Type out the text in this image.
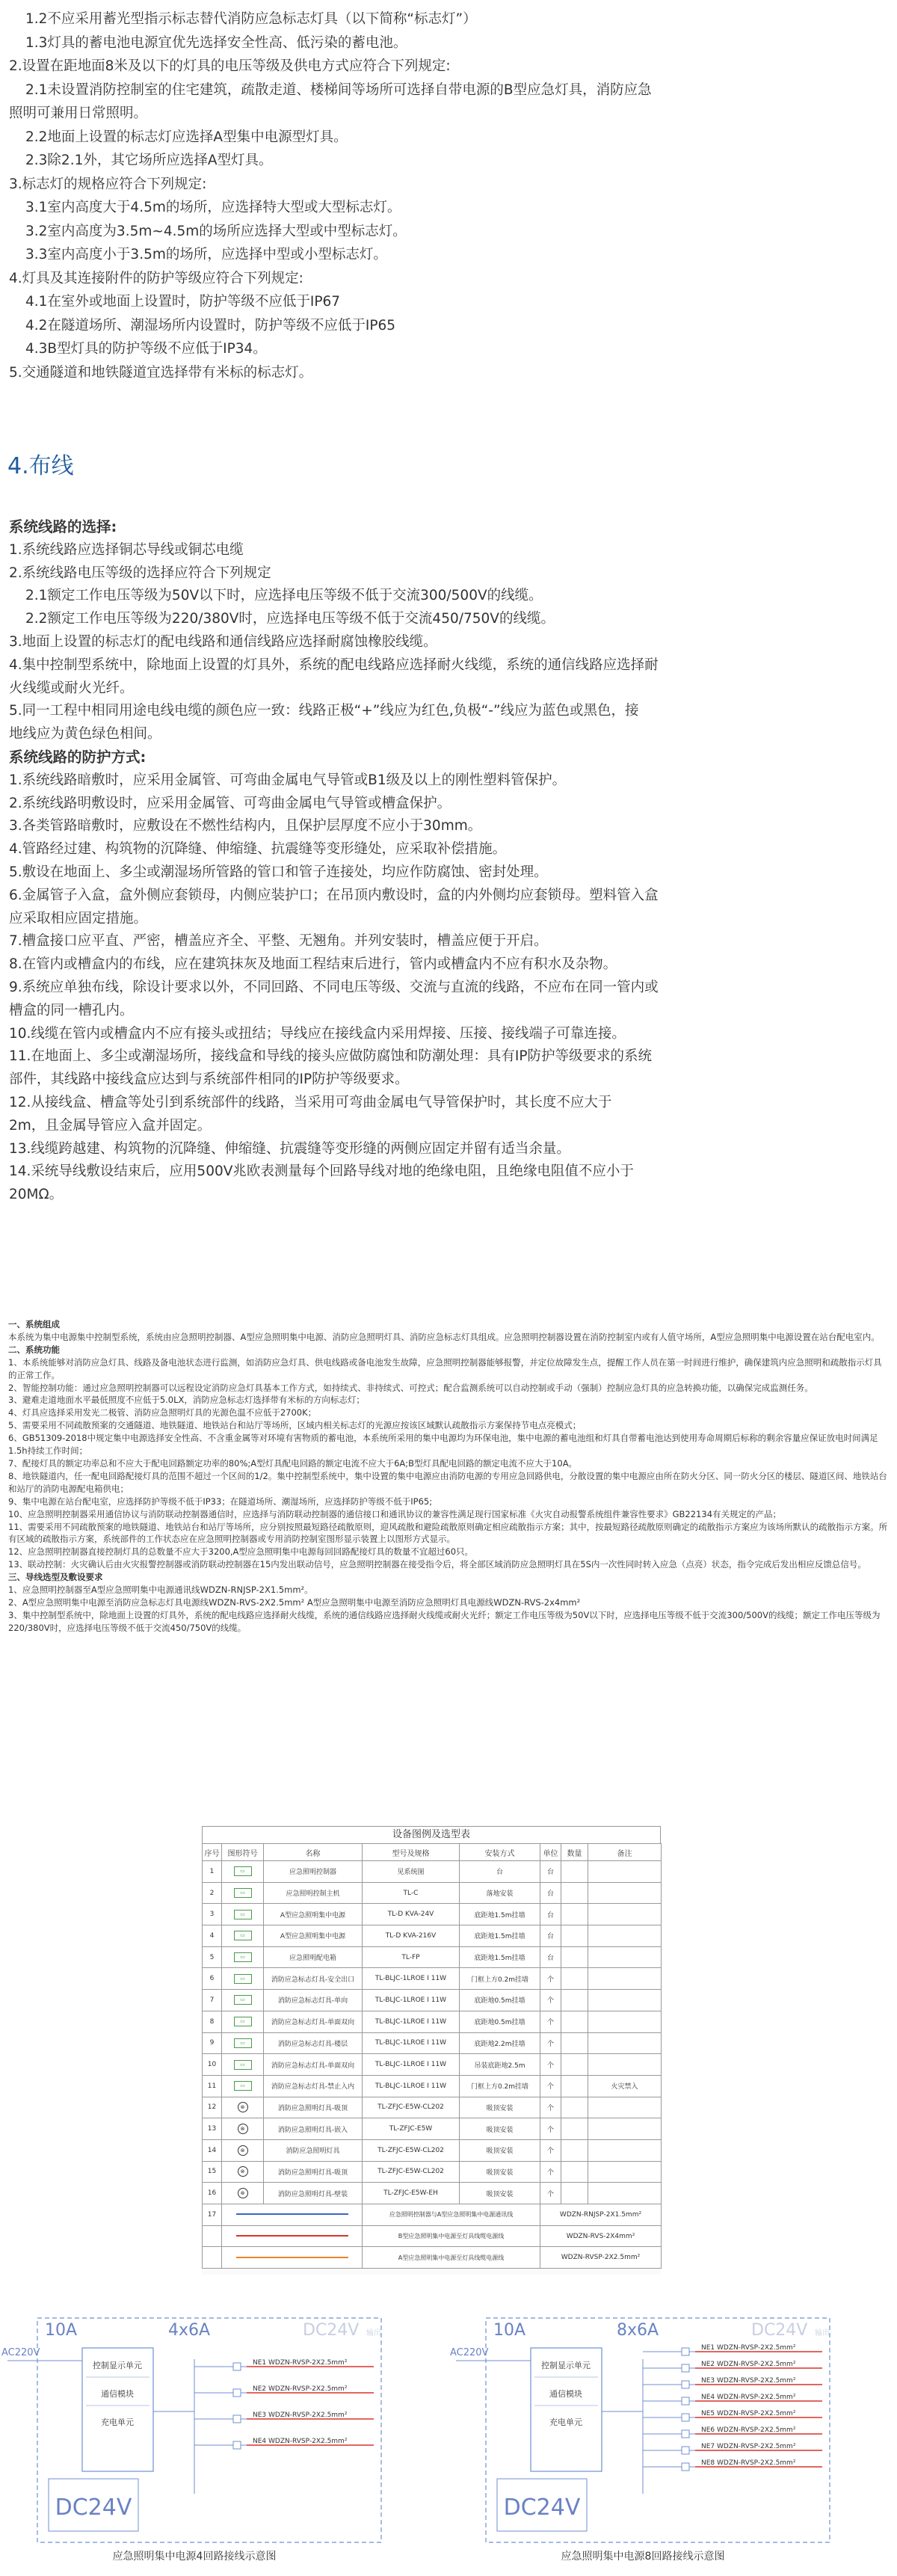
1.2不应采用蓄光型指示标志替代消防应急标志灯具（以下简称“标志灯”）
1.3灯具的蓄电池电源宜优先选择安全性高、低污染的蓄电池。
2.设置在距地面8米及以下的灯具的电压等级及供电方式应符合下列规定:
2.1未设置消防控制室的住宅建筑，疏散走道、楼梯间等场所可选择自带电源的B型应急灯具，消防应急
照明可兼用日常照明。
2.2地面上设置的标志灯应选择A型集中电源型灯具。
2.3除2.1外，其它场所应选择A型灯具。
3.标志灯的规格应符合下列规定:
3.1室内高度大于4.5m的场所，应选择特大型或大型标志灯。
3.2室内高度为3.5m~4.5m的场所应选择大型或中型标志灯。
3.3室内高度小于3.5m的场所，应选择中型或小型标志灯。
4.灯具及其连接附件的防护等级应符合下列规定:
4.1在室外或地面上设置时，防护等级不应低于IP67
4.2在隧道场所、潮湿场所内设置时，防护等级不应低于IP65
4.3B型灯具的防护等级不应低于IP34。
5.交通隧道和地铁隧道宜选择带有米标的标志灯。
4.布线
系统线路的选择:
1.系统线路应选择铜芯导线或铜芯电缆
2.系统线路电压等级的选择应符合下列规定
2.1额定工作电压等级为50V以下时，应选择电压等级不低于交流300/500V的线缆。
2.2额定工作电压等级为220/380V时，应选择电压等级不低于交流450/750V的线缆。
3.地面上设置的标志灯的配电线路和通信线路应选择耐腐蚀橡胶线缆。
4.集中控制型系统中，除地面上设置的灯具外，系统的配电线路应选择耐火线缆，系统的通信线路应选择耐
火线缆或耐火光纤。
5.同一工程中相同用途电线电缆的颜色应一致：线路正极“+”线应为红色,负极“-”线应为蓝色或黑色，接
地线应为黄色绿色相间。
系统线路的防护方式:
1.系统线路暗敷时，应采用金属管、可弯曲金属电气导管或B1级及以上的刚性塑料管保护。
2.系统线路明敷设时，应采用金属管、可弯曲金属电气导管或槽盒保护。
3.各类管路暗敷时，应敷设在不燃性结构内，且保护层厚度不应小于30mm。
4.管路经过建、构筑物的沉降缝、伸缩缝、抗震缝等变形缝处，应采取补偿措施。
5.敷设在地面上、多尘或潮湿场所管路的管口和管子连接处，均应作防腐蚀、密封处理。
6.金属管子入盒，盒外侧应套锁母，内侧应装护口；在吊顶内敷设时，盒的内外侧均应套锁母。塑料管入盒
应采取相应固定措施。
7.槽盒接口应平直、严密，槽盖应齐全、平整、无翘角。并列安装时，槽盖应便于开启。
8.在管内或槽盒内的布线，应在建筑抹灰及地面工程结束后进行，管内或槽盒内不应有积水及杂物。
9.系统应单独布线，除设计要求以外，不同回路、不同电压等级、交流与直流的线路，不应布在同一管内或
槽盒的同一槽孔内。
10.线缆在管内或槽盒内不应有接头或扭结；导线应在接线盒内采用焊接、压接、接线端子可靠连接。
11.在地面上、多尘或潮湿场所，接线盒和导线的接头应做防腐蚀和防潮处理：具有IP防护等级要求的系统
部件，其线路中接线盒应达到与系统部件相同的IP防护等级要求。
12.从接线盒、槽盒等处引到系统部件的线路，当采用可弯曲金属电气导管保护时，其长度不应大于
2m，且金属导管应入盒并固定。
13.线缆跨越建、构筑物的沉降缝、伸缩缝、抗震缝等变形缝的两侧应固定并留有适当余量。
14.采统导线敷设结束后，应用500V兆欧表测量每个回路导线对地的绝缘电阻，且绝缘电阻值不应小于
20MΩ。

一、系统组成

本系统为集中电源集中控制型系统，系统由应急照明控制器、A型应急照明集中电源、消防应急照明灯具、消防应急标志灯具组成。应急照明控制器设置在消防控制室内或有人值守场所，A型应急照明集中电源设置在站台配电室内。

二、系统功能

1、本系统能够对消防应急灯具、线路及备电池状态进行监测，如消防应急灯具、供电线路或备电池发生故障，应急照明控制器能够报警，并定位故障发生点，提醒工作人员在第一时间进行维护，确保建筑内应急照明和疏散指示灯具的正常工作。

2、智能控制功能：通过应急照明控制器可以远程设定消防应急灯具基本工作方式，如持续式、非持续式、可控式；配合监测系统可以自动控制或手动（强制）控制应急灯具的应急转换功能，以确保完成监测任务。

3、避难走道地面水平最低照度不应低于5.0LX，消防应急标志灯选择带有米标的方向标志灯；

4、灯具应选择采用发光二极管、消防应急照明灯具的光源色温不应低于2700K；

5、需要采用不同疏散预案的交通隧道、地铁隧道、地铁站台和站厅等场所，区域内相关标志灯的光源应按该区域默认疏散指示方案保持节电点亮模式；

6、GB51309-2018中规定集中电源选择安全性高、不含重金属等对环境有害物质的蓄电池，本系统所采用的集中电源均为环保电池，集中电源的蓄电池组和灯具自带蓄电池达到使用寿命周期后标称的剩余容量应保证放电时间满足1.5h持续工作时间；

7、配接灯具的额定功率总和不应大于配电回路额定功率的80%;A型灯具配电回路的额定电流不应大于6A;B型灯具配电回路的额定电流不应大于10A。

8、地铁隧道内，任一配电回路配接灯具的范围不超过一个区间的1/2。集中控制型系统中，集中设置的集中电源应由消防电源的专用应急回路供电，分散设置的集中电源应由所在防火分区、同一防火分区的楼层、隧道区间、地铁站台和站厅的消防电源配电箱供电；

9、集中电源在站台配电室，应选择防护等级不低于IP33；在隧道场所、潮湿场所，应选择防护等级不低于IP65;

10、应急照明控制器采用通信协议与消防联动控制器通信时，应选择与消防联动控制器的通信接口和通讯协议的兼容性满足现行国家标准《火灾自动报警系统组件兼容性要求》GB22134有关规定的产品；

11、需要采用不同疏散预案的地铁隧道、地铁站台和站厅等场所，应分别按照最短路径疏散原则，迎风疏散和避险疏散原则确定相应疏散指示方案；其中，按最短路径疏散原则确定的疏散指示方案应为该场所默认的疏散指示方案。所有区域的疏散指示方案，系统部件的工作状态应在应急照明控制器或专用消防控制室图形显示装置上以图形方式显示。

12、应急照明控制器直接控制灯具的总数量不应大于3200,A型应急照明集中电源每回回路配接灯具的数量不宜超过60只。

13、联动控制：火灾确认后由火灾报警控制器或消防联动控制器在15内发出联动信号，应急照明控制器在接受指令后，将全部区域消防应急照明灯具在5S内一次性同时转入应急（点亮）状态，指令完成后发出相应反馈总信号。

三、导线选型及敷设要求

1、应急照明控制器至A型应急照明集中电源通讯线WDZN-RNJSP-2X1.5mm²。

2、A型应急照明集中电源至消防应急标志灯具电源线WDZN-RVS-2X2.5mm² A型应急照明集中电源至消防应急照明灯具电源线WDZN-RVS-2x4mm²

3、集中控制型系统中，除地面上设置的灯具外，系统的配电线路应选择耐火线缆，系统的通信线路应选择耐火线缆或耐火光纤；额定工作电压等级为50V以下时，应选择电压等级不低于交流300/500V的线缆；额定工作电压等级为220/380V时，应选择电压等级不低于交流450/750V的线缆。

设备图例及选型表
序号	图形符号	名称	型号及规格	安装方式	单位	数量	备注
1	▭	应急照明控制器	见系统图	台	台		
2	▭	应急照明控制主机	TL-C	落地安装	台		
3	▭	A型应急照明集中电源	TL-D KVA-24V	底距地1.5m挂墙	台		
4	▭	A型应急照明集中电源	TL-D KVA-216V	底距地1.5m挂墙	台		
5	▭	应急照明配电箱	TL-FP	底距地1.5m挂墙	台		
6	▭	消防应急标志灯具-安全出口	TL-BLJC-1LROE I 11W	门框上方0.2m挂墙	个		
7	▭	消防应急标志灯具-单向	TL-BLJC-1LROE I 11W	底距地0.5m挂墙	个		
8	▭	消防应急标志灯具-单面双向	TL-BLJC-1LROE I 11W	底距地0.5m挂墙	个		
9	▭	消防应急标志灯具-楼层	TL-BLJC-1LROE I 11W	底距地2.2m挂墙	个		
10	▭	消防应急标志灯具-单面双向	TL-BLJC-1LROE I 11W	吊装底距地2.5m	个		
11	▭	消防应急标志灯具-禁止入内	TL-BLJC-1LROE I 11W	门框上方0.2m挂墙	个		火灾禁入
12	⊗	消防应急照明灯具-吸顶	TL-ZFJC-E5W-CL202	吸顶安装	个		
13	⊗	消防应急照明灯具-嵌入	TL-ZFJC-E5W	吸顶安装	个		
14	⊗	消防应急照明灯具	TL-ZFJC-E5W-CL202	吸顶安装	个		
15	⊗	消防应急照明灯具-吸顶	TL-ZFJC-E5W-CL202	吸顶安装	个		
16	⊗	消防应急照明灯具-壁装	TL-ZFJC-E5W-EH	吸顶安装	个		
17			应急照明控制器与A型应急照明集中电源通讯线		WDZN-RNJSP-2X1.5mm²		
			B型应急照明集中电源至灯具线缆电源线		WDZN-RVS-2X4mm²		
			A型应急照明集中电源至灯具线缆电源线		WDZN-RVSP-2X2.5mm²		
AC220V
10A	4x6A	DC24V 输出
控制显示单元
通信模块
充电单元
DC24V
NE1 WDZN-RVSP-2X2.5mm²
NE2 WDZN-RVSP-2X2.5mm²
NE3 WDZN-RVSP-2X2.5mm²
NE4 WDZN-RVSP-2X2.5mm²
AC220V
10A	8x6A	DC24V 输出
控制显示单元
通信模块
充电单元
DC24V
NE1 WDZN-RVSP-2X2.5mm²
NE2 WDZN-RVSP-2X2.5mm²
NE3 WDZN-RVSP-2X2.5mm²
NE4 WDZN-RVSP-2X2.5mm²
NE5 WDZN-RVSP-2X2.5mm²
NE6 WDZN-RVSP-2X2.5mm²
NE7 WDZN-RVSP-2X2.5mm²
NE8 WDZN-RVSP-2X2.5mm²
应急照明集中电源4回路接线示意图	应急照明集中电源8回路接线示意图
